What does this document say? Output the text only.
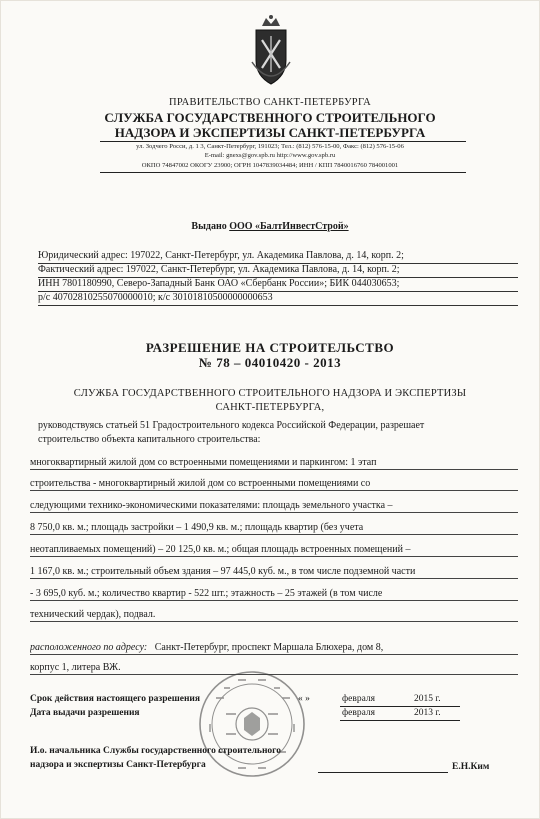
ПРАВИТЕЛЬСТВО САНКТ-ПЕТЕРБУРГА
СЛУЖБА ГОСУДАРСТВЕННОГО СТРОИТЕЛЬНОГО
НАДЗОРА И ЭКСПЕРТИЗЫ САНКТ-ПЕТЕРБУРГА
ул. Зодчего Росси, д. 1 3, Санкт-Петербург, 191023; Тел.: (812) 576-15-00, Факс: (812) 576-15-06
E-mail: gnexs@gov.spb.ru http://www.gov.spb.ru
ОКПО 74847002 ОКОГУ 23900; ОГРН 1047839034484; ИНН / КПП 7840016760 784001001
Выдано ООО «БалтИнвестСтрой»
Юридический адрес: 197022, Санкт-Петербург, ул. Академика Павлова, д. 14, корп. 2;
Фактический адрес: 197022, Санкт-Петербург, ул. Академика Павлова, д. 14, корп. 2;
ИНН 7801180990, Северо-Западный Банк ОАО «Сбербанк России»; БИК 044030653;
р/с 40702810255070000010; к/с 30101810500000000653
РАЗРЕШЕНИЕ НА СТРОИТЕЛЬСТВО
№ 78 – 04010420 - 2013
СЛУЖБА ГОСУДАРСТВЕННОГО СТРОИТЕЛЬНОГО НАДЗОРА И ЭКСПЕРТИЗЫ
САНКТ-ПЕТЕРБУРГА,
руководствуясь статьей 51 Градостроительного кодекса Российской Федерации, разрешает
строительство объекта капитального строительства:
многоквартирный жилой дом со встроенными помещениями и паркингом: 1 этап
строительства - многоквартирный жилой дом со встроенными помещениями со
следующими технико-экономическими показателями: площадь земельного участка –
8 750,0 кв. м.; площадь застройки – 1 490,9 кв. м.; площадь квартир (без учета
неотапливаемых помещений) – 20 125,0 кв. м.; общая площадь встроенных помещений –
1 167,0 кв. м.; строительный объем здания – 97 445,0 куб. м., в том числе подземной части
- 3 695,0 куб. м.; количество квартир - 522 шт.; этажность – 25 этажей (в том числе
технический чердак), подвал.
расположенного по адресу: Санкт-Петербург, проспект Маршала Блюхера, дом 8,
корпус 1, литера ВЖ.
Срок действия настоящего разрешения	« »	февраля	2015 г.
Дата выдачи разрешения	февраля	2013 г.
И.о. начальника Службы государственного строительного
надзора и экспертизы Санкт-Петербурга	Е.Н.Ким
